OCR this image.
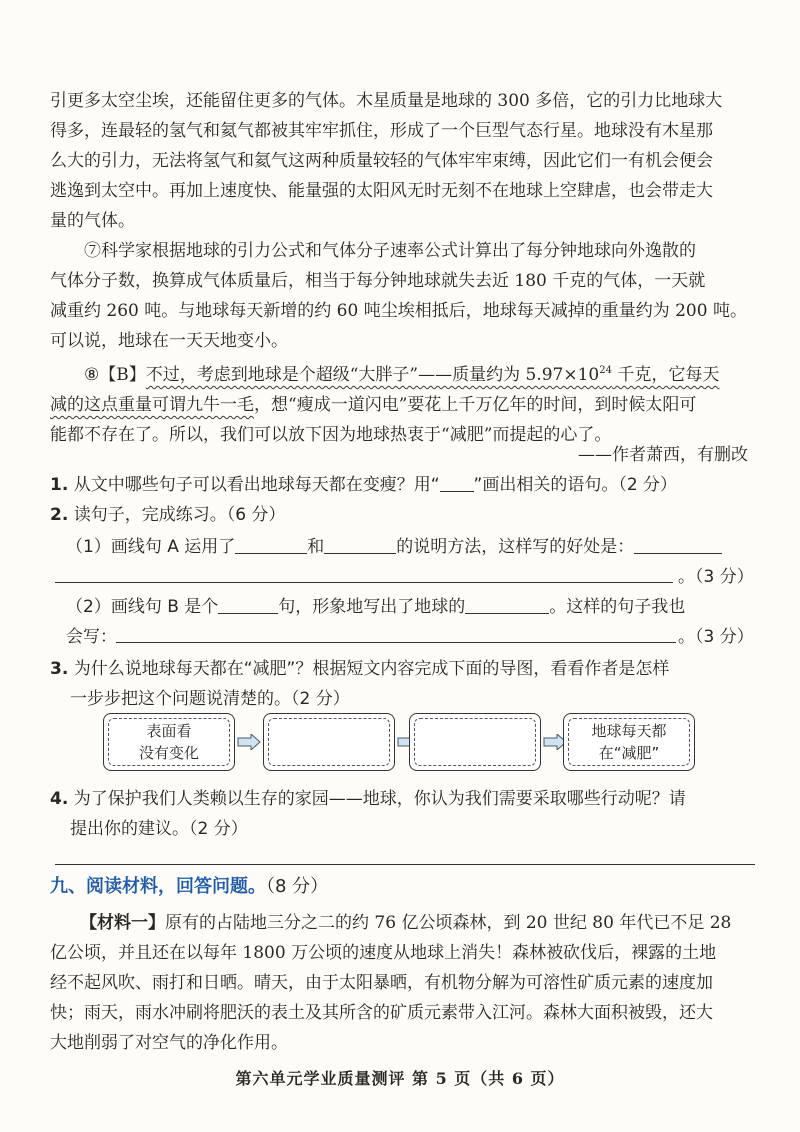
引更多太空尘埃，还能留住更多的气体。木星质量是地球的 300 多倍，它的引力比地球大
得多，连最轻的氢气和氦气都被其牢牢抓住，形成了一个巨型气态行星。地球没有木星那
么大的引力，无法将氢气和氦气这两种质量较轻的气体牢牢束缚，因此它们一有机会便会
逃逸到太空中。再加上速度快、能量强的太阳风无时无刻不在地球上空肆虐，也会带走大
量的气体。
⑦科学家根据地球的引力公式和气体分子速率公式计算出了每分钟地球向外逸散的
气体分子数，换算成气体质量后，相当于每分钟地球就失去近 180 千克的气体，一天就
减重约 260 吨。与地球每天新增的约 60 吨尘埃相抵后，地球每天减掉的重量约为 200 吨。
可以说，地球在一天天地变小。
⑧【B】不过，考虑到地球是个超级“大胖子”——质量约为 $5.97\times 10^{24}$ 千克，它每天
减的这点重量可谓九牛一毛，想“瘦成一道闪电”要花上千万亿年的时间，到时候太阳可
能都不存在了。所以，我们可以放下因为地球热衷于“减肥”而提起的心了。
——作者萧西，有删改
1. 从文中哪些句子可以看出地球每天都在变瘦？用“ ”画出相关的语句。（2 分）
2. 读句子，完成练习。（6 分）
（1）画线句 A 运用了	和	的说明方法，这样写的好处是：
。（3 分）
（2）画线句 B 是个	句，形象地写出了地球的	。这样的句子我也
会写：	。（3 分）
3. 为什么说地球每天都在“减肥”？根据短文内容完成下面的导图，看看作者是怎样
一步步把这个问题说清楚的。（2 分）
表面看
没有变化
地球每天都
在“减肥”
4. 为了保护我们人类赖以生存的家园——地球，你认为我们需要采取哪些行动呢？请
提出你的建议。（2 分）
九、阅读材料，回答问题。（8 分）
【材料一】原有的占陆地三分之二的约 76 亿公顷森林，到 20 世纪 80 年代已不足 28
亿公顷，并且还在以每年 1800 万公顷的速度从地球上消失！森林被砍伐后，裸露的土地
经不起风吹、雨打和日晒。晴天，由于太阳暴晒，有机物分解为可溶性矿质元素的速度加
快；雨天，雨水冲刷将肥沃的表土及其所含的矿质元素带入江河。森林大面积被毁，还大
大地削弱了对空气的净化作用。
第六单元学业质量测评 第 5 页（共 6 页）
